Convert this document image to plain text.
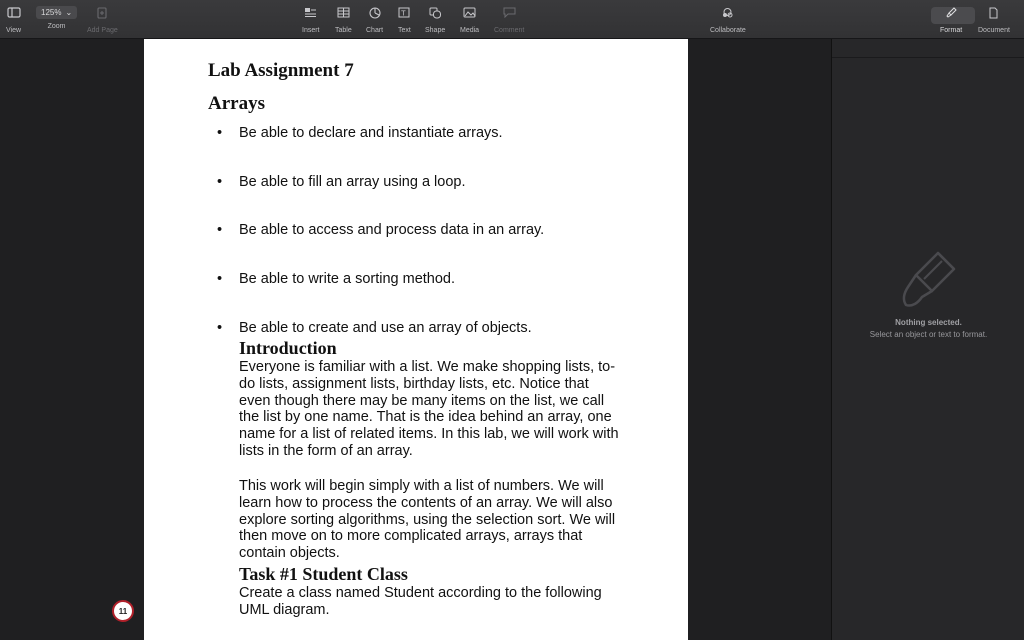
View
125% ⌄
Zoom
Add Page	Insert Table Chart
T
Text Shape Media Comment	Collaborate	Format Document
Lab Assignment 7
Arrays
• Be able to declare and instantiate arrays.
• Be able to fill an array using a loop.
• Be able to access and process data in an array.
• Be able to write a sorting method.
• Be able to create and use an array of objects.
Introduction
Everyone is familiar with a list. We make shopping lists, to-do lists, assignment lists, birthday lists, etc. Notice that even though there may be many items on the list, we call the list by one name. That is the idea behind an array, one name for a list of related items. In this lab, we will work with lists in the form of an array.
This work will begin simply with a list of numbers. We will learn how to process the contents of an array. We will also explore sorting algorithms, using the selection sort. We will then move on to more complicated arrays, arrays that contain objects.
Task #1 Student Class
Create a class named Student according to the following UML diagram.
11
Nothing selected.
Select an object or text to format.
